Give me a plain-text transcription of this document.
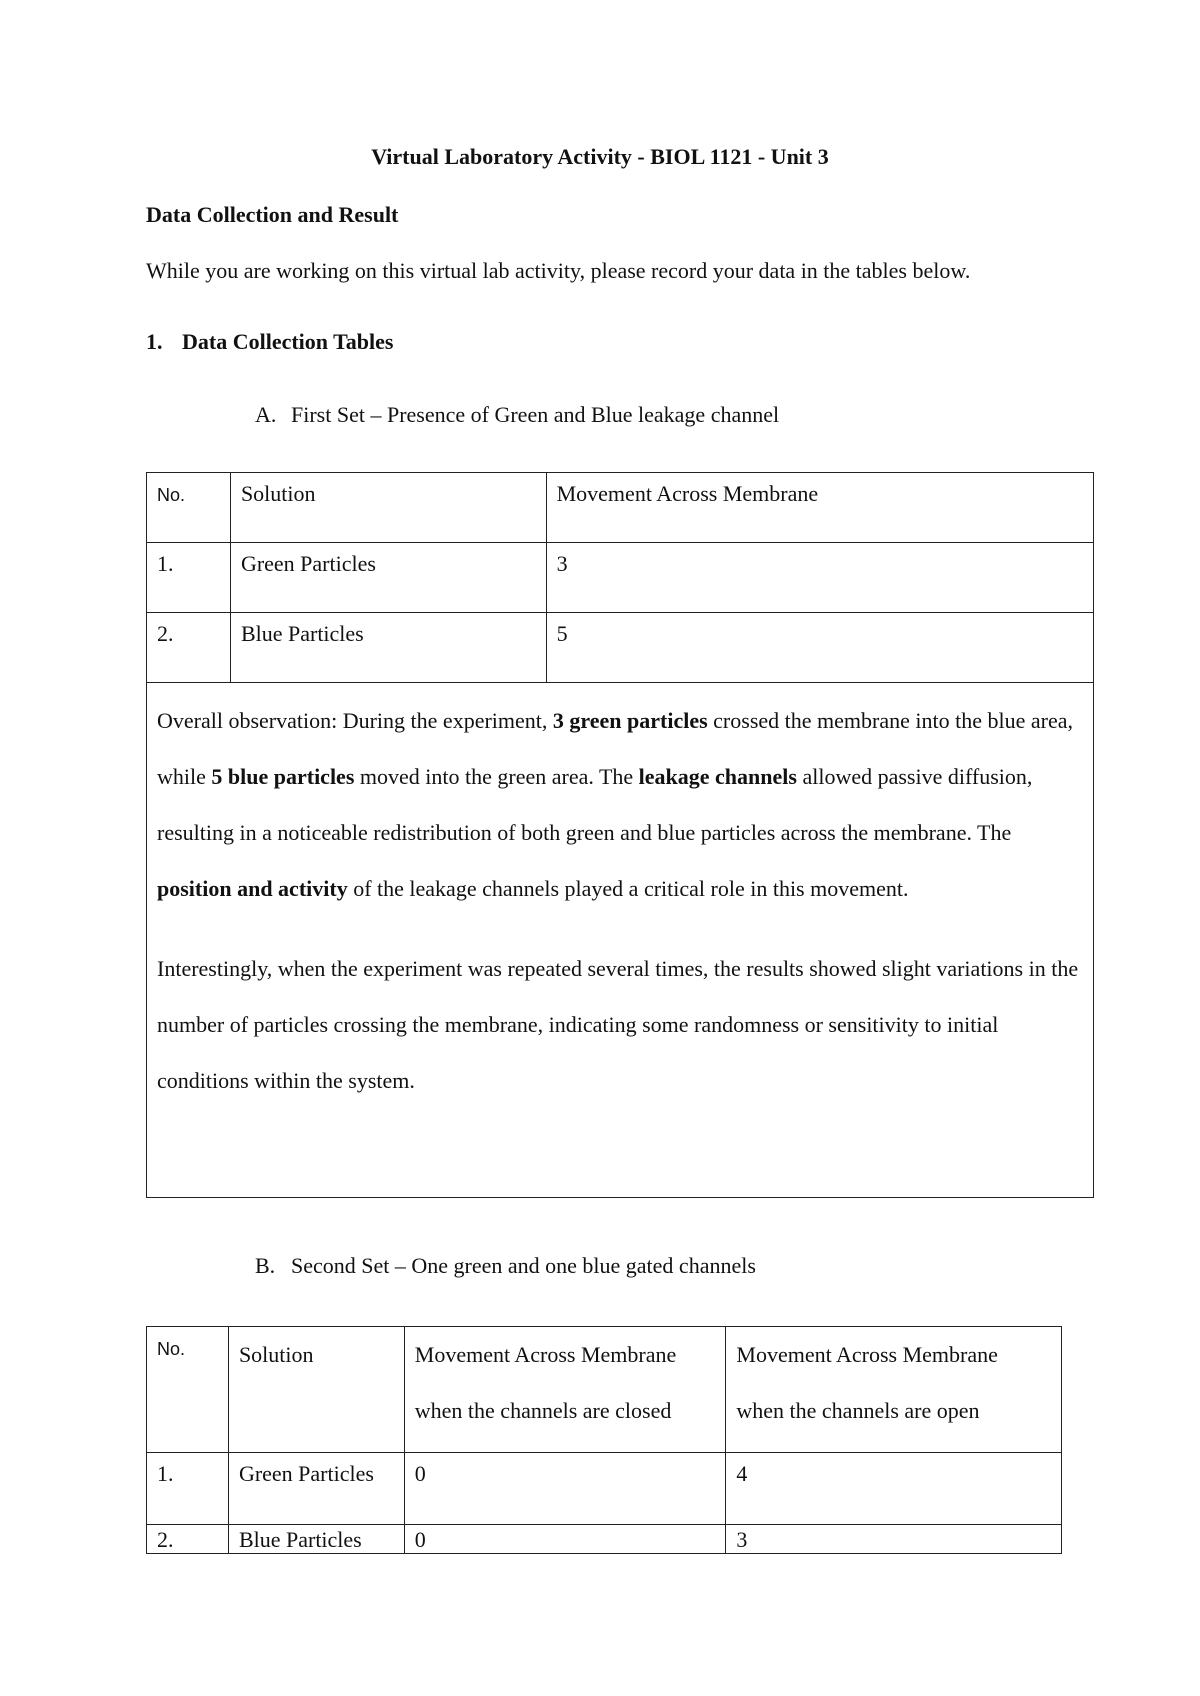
Virtual Laboratory Activity - BIOL 1121 - Unit 3
Data Collection and Result

While you are working on this virtual lab activity, please record your data in the tables below.

1. Data Collection Tables

A. First Set – Presence of Green and Blue leakage channel

No.	Solution	Movement Across Membrane
1.	Green Particles	3
2.	Blue Particles	5

Overall observation: During the experiment, 3 green particles crossed the membrane into the blue area, while 5 blue particles moved into the green area. The leakage channels allowed passive diffusion, resulting in a noticeable redistribution of both green and blue particles across the membrane. The position and activity of the leakage channels played a critical role in this movement.

Interestingly, when the experiment was repeated several times, the results showed slight variations in the number of particles crossing the membrane, indicating some randomness or sensitivity to initial conditions within the system.		

B. Second Set – One green and one blue gated channels

No.	Solution	Movement Across Membrane when the channels are closed	Movement Across Membrane when the channels are open
1.	Green Particles	0	4
2.	Blue Particles	0	3
